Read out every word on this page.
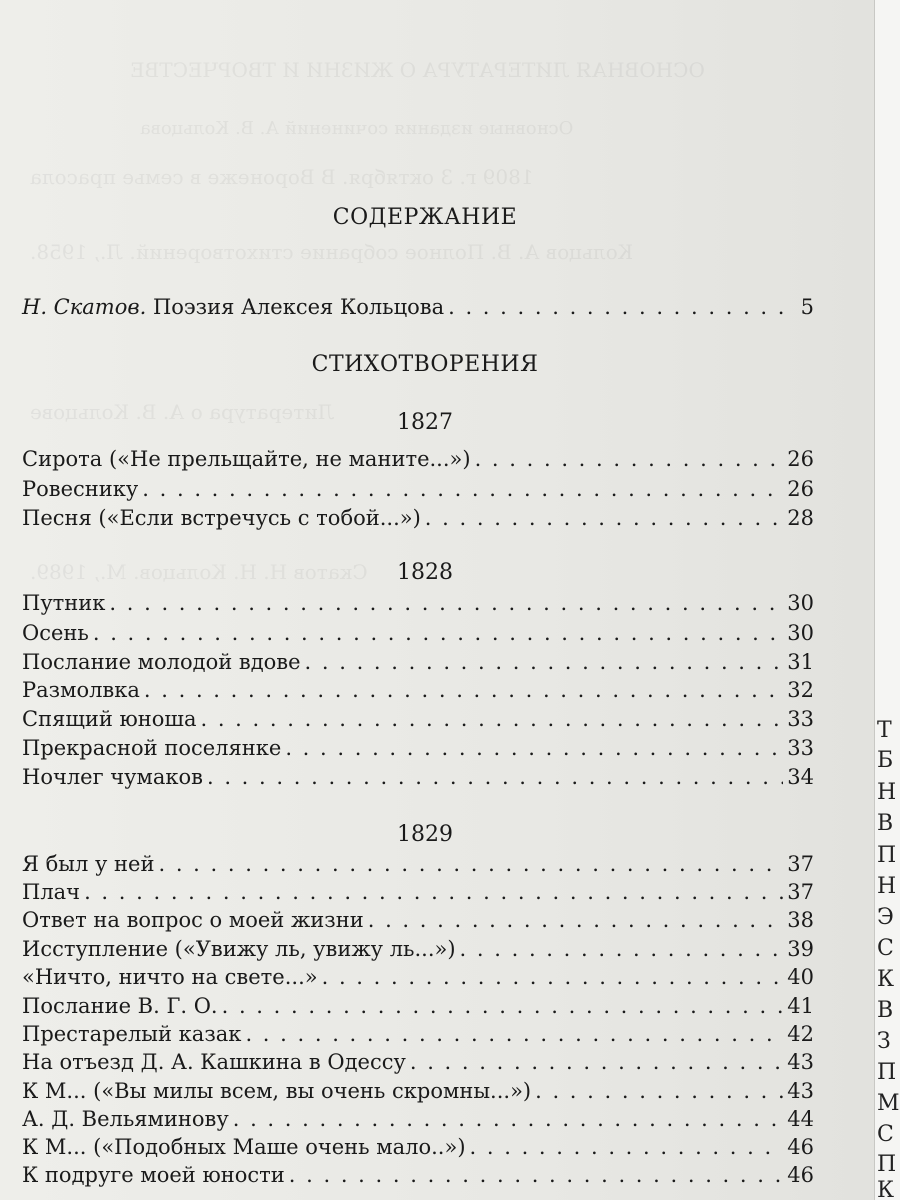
ОСНОВНАЯ ЛИТЕРАТУРА О ЖИЗНИ И ТВОРЧЕСТВЕ
Основные издания сочинений А. В. Кольцова
1809 г. 3 октября. В Воронеже в семье прасола
Кольцов А. В. Полное собрание стихотворений. Л., 1958.
Литература о А. В. Кольцове
Скатов Н. Н. Кольцов. М., 1989.
СОДЕРЖАНИЕ
Н. Скатов. Поэзия Алексея Кольцова . . .	5
СТИХОТВОРЕНИЯ
1827
Сирота («Не прельщайте, не маните...») . . .	26
Ровеснику . . .	26
Песня («Если встречусь с тобой...») . . .	28
1828
Путник . . .	30
Осень . . .	30
Послание молодой вдове . . .	31
Размолвка . . .	32
Спящий юноша . . .	33
Прекрасной поселянке . . .	33
Ночлег чумаков . . .	34
1829
Я был у ней . . .	37
Плач . . .	37
Ответ на вопрос о моей жизни . . .	38
Исступление («Увижу ль, увижу ль...») . . .	39
«Ничто, ничто на свете...» . . .	40
Послание В. Г. О. . . .	41
Престарелый казак . . .	42
На отъезд Д. А. Кашкина в Одессу . . .	43
К М... («Вы милы всем, вы очень скромны...») . . .	43
А. Д. Вельяминову . . .	44
К М... («Подобных Маше очень мало..») . . .	46
К подруге моей юности . . .	46
Т
Б
Н
В
П
Н
Э
С
К
В
З
П
М
С
П
К
